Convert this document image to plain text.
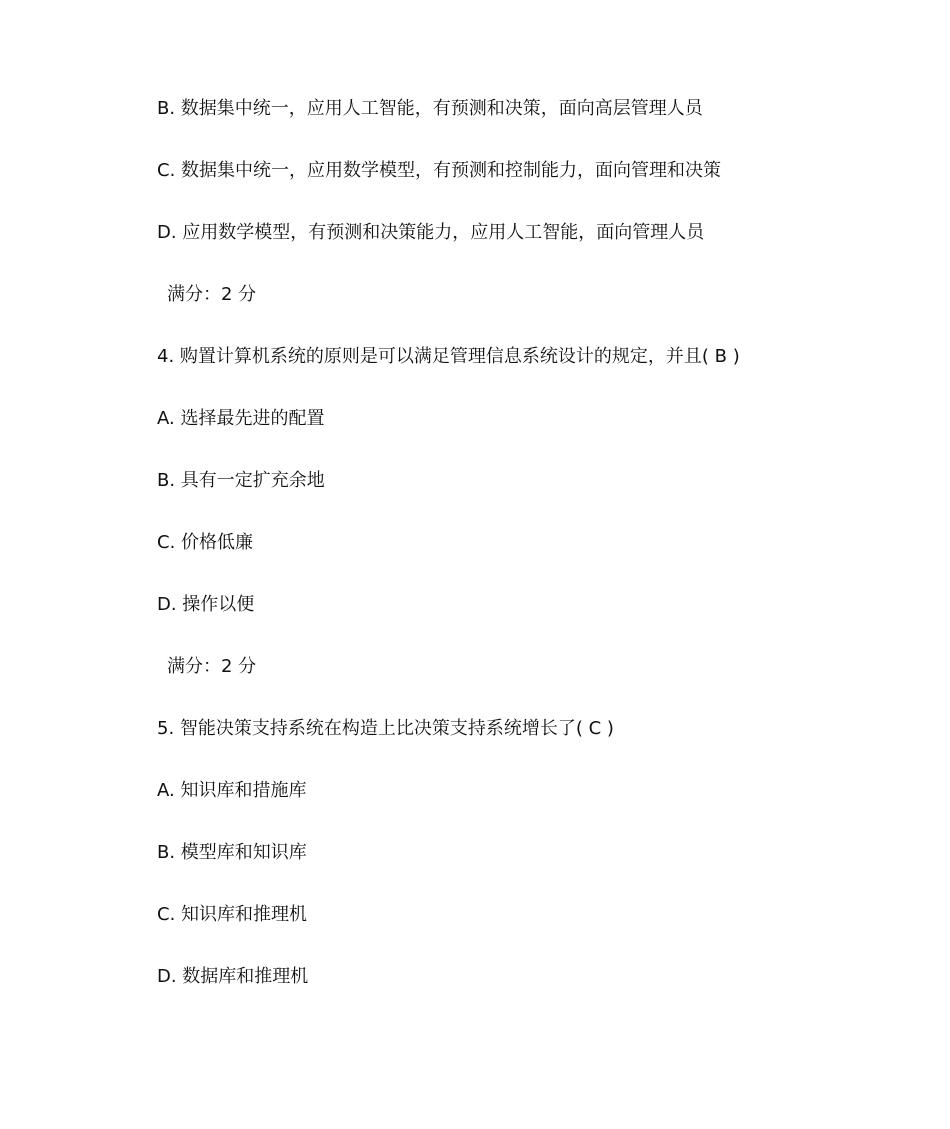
B. 数据集中统一，应用人工智能，有预测和决策，面向高层管理人员
C. 数据集中统一，应用数学模型，有预测和控制能力，面向管理和决策
D. 应用数学模型，有预测和决策能力，应用人工智能，面向管理人员
满分：2 分
4. 购置计算机系统的原则是可以满足管理信息系统设计的规定，并且( B )
A. 选择最先进的配置
B. 具有一定扩充余地
C. 价格低廉
D. 操作以便
满分：2 分
5. 智能决策支持系统在构造上比决策支持系统增长了( C )
A. 知识库和措施库
B. 模型库和知识库
C. 知识库和推理机
D. 数据库和推理机
